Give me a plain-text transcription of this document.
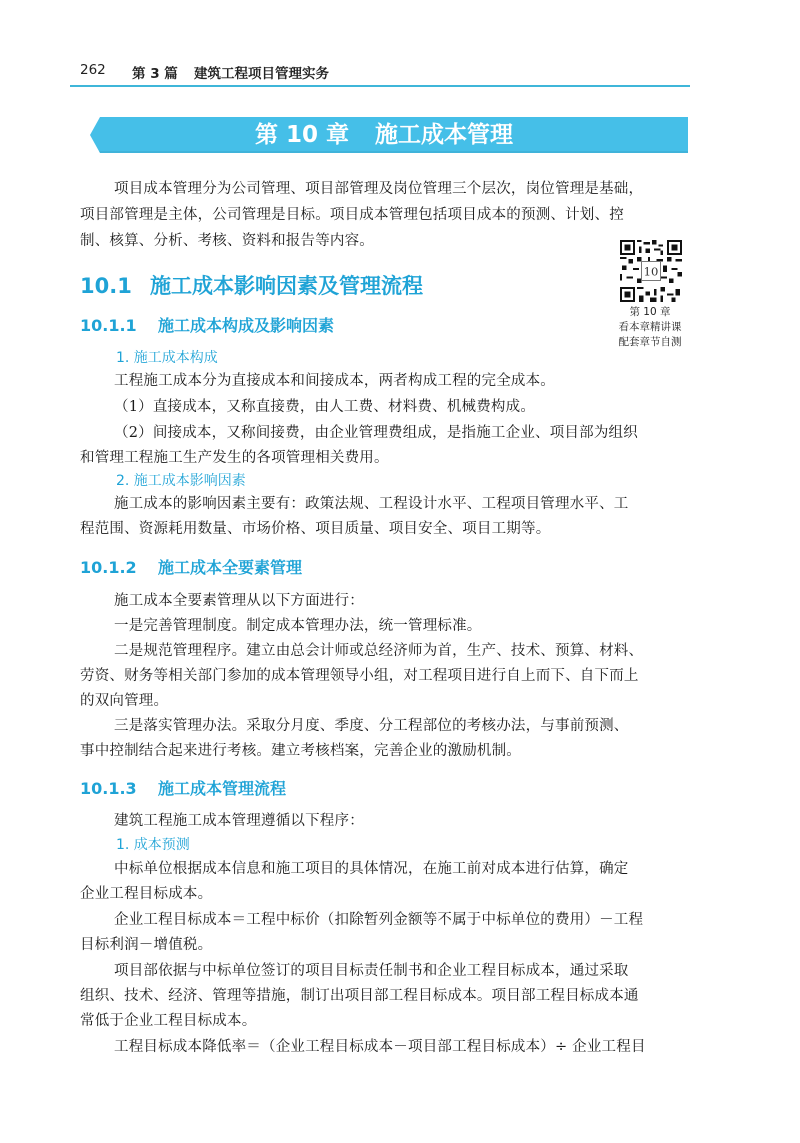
262 第 3 篇 建筑工程项目管理实务
第 10 章 施工成本管理
项目成本管理分为公司管理、项目部管理及岗位管理三个层次，岗位管理是基础，
项目部管理是主体，公司管理是目标。项目成本管理包括项目成本的预测、计划、控
制、核算、分析、考核、资料和报告等内容。
10
第 10 章
看本章精讲课
配套章节自测
10.1 施工成本影响因素及管理流程
10.1.1 施工成本构成及影响因素
1. 施工成本构成
工程施工成本分为直接成本和间接成本，两者构成工程的完全成本。
（1）直接成本，又称直接费，由人工费、材料费、机械费构成。
（2）间接成本，又称间接费，由企业管理费组成，是指施工企业、项目部为组织
和管理工程施工生产发生的各项管理相关费用。
2. 施工成本影响因素
施工成本的影响因素主要有：政策法规、工程设计水平、工程项目管理水平、工
程范围、资源耗用数量、市场价格、项目质量、项目安全、项目工期等。
10.1.2 施工成本全要素管理
施工成本全要素管理从以下方面进行：
一是完善管理制度。制定成本管理办法，统一管理标准。
二是规范管理程序。建立由总会计师或总经济师为首，生产、技术、预算、材料、
劳资、财务等相关部门参加的成本管理领导小组，对工程项目进行自上而下、自下而上
的双向管理。
三是落实管理办法。采取分月度、季度、分工程部位的考核办法，与事前预测、
事中控制结合起来进行考核。建立考核档案，完善企业的激励机制。
10.1.3 施工成本管理流程
建筑工程施工成本管理遵循以下程序：
1. 成本预测
中标单位根据成本信息和施工项目的具体情况，在施工前对成本进行估算，确定
企业工程目标成本。
企业工程目标成本＝工程中标价（扣除暂列金额等不属于中标单位的费用）－工程
目标利润－增值税。
项目部依据与中标单位签订的项目目标责任制书和企业工程目标成本，通过采取
组织、技术、经济、管理等措施，制订出项目部工程目标成本。项目部工程目标成本通
常低于企业工程目标成本。
工程目标成本降低率＝（企业工程目标成本－项目部工程目标成本）÷ 企业工程目
